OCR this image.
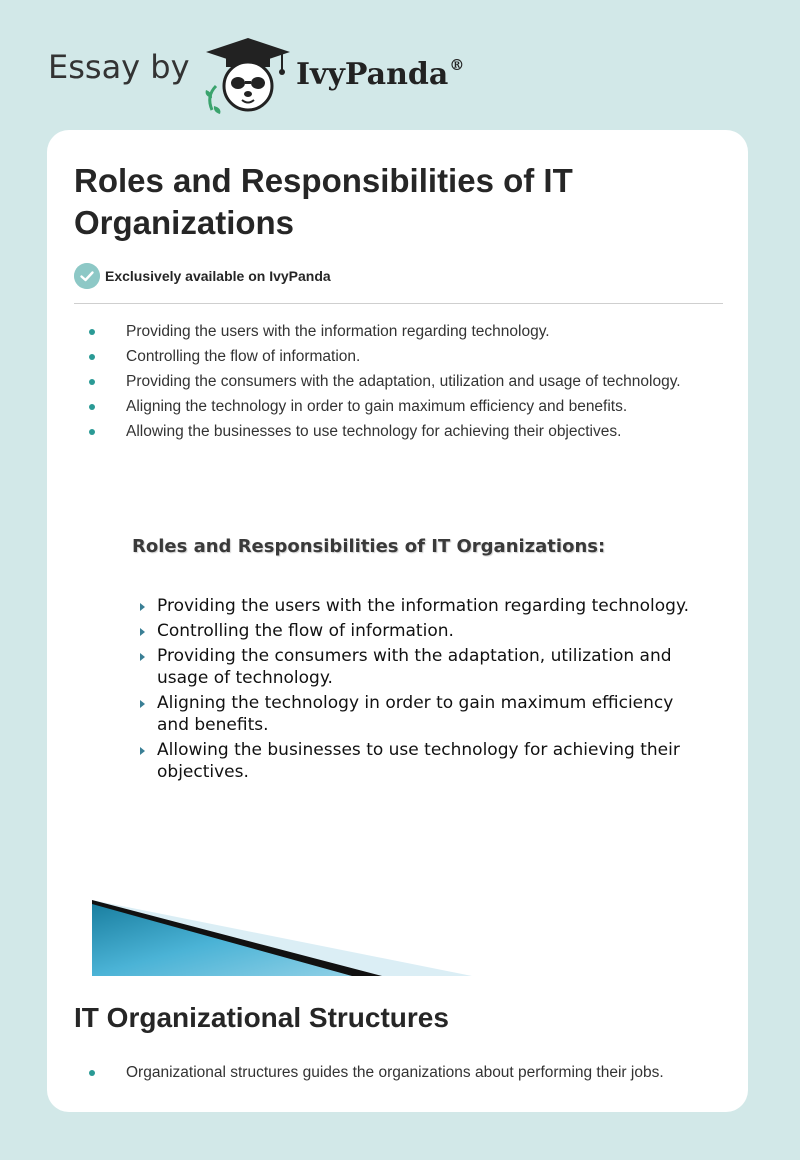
Essay by	IvyPanda®
Roles and Responsibilities of IT Organizations
Exclusively available on IvyPanda
Providing the users with the information regarding technology.
Controlling the flow of information.
Providing the consumers with the adaptation, utilization and usage of technology.
Aligning the technology in order to gain maximum efficiency and benefits.
Allowing the businesses to use technology for achieving their objectives.
Roles and Responsibilities of IT Organizations:
Providing the users with the information regarding technology.
Controlling the flow of information.
Providing the consumers with the adaptation, utilization and usage of technology.
Aligning the technology in order to gain maximum efficiency and benefits.
Allowing the businesses to use technology for achieving their objectives.
IT Organizational Structures
Organizational structures guides the organizations about performing their jobs.
